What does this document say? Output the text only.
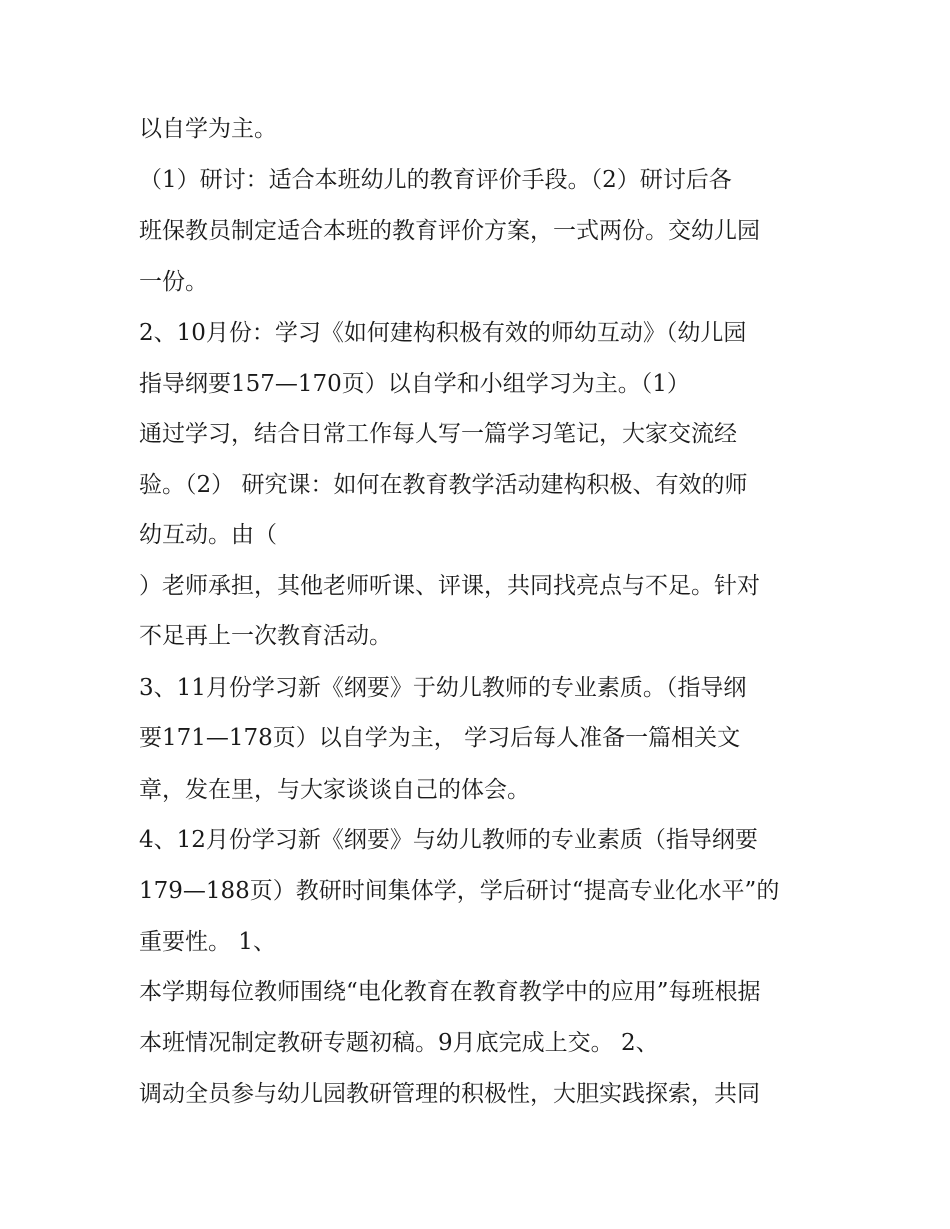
以自学为主。
（1）研讨：适合本班幼儿的教育评价手段。（2）研讨后各
班保教员制定适合本班的教育评价方案，一式两份。交幼儿园
一份。
2、10月份：学习《如何建构积极有效的师幼互动》（幼儿园
指导纲要157—170页）以自学和小组学习为主。（1）
通过学习，结合日常工作每人写一篇学习笔记，大家交流经
验。（2） 研究课：如何在教育教学活动建构积极、有效的师
幼互动。由（
）老师承担，其他老师听课、评课，共同找亮点与不足。针对
不足再上一次教育活动。
3、11月份学习新《纲要》于幼儿教师的专业素质。（指导纲
要171—178页）以自学为主， 学习后每人准备一篇相关文
章，发在里，与大家谈谈自己的体会。
4、12月份学习新《纲要》与幼儿教师的专业素质（指导纲要
179—188页）教研时间集体学，学后研讨“提高专业化水平”的
重要性。 1、
本学期每位教师围绕“电化教育在教育教学中的应用”每班根据
本班情况制定教研专题初稿。9月底完成上交。 2、
调动全员参与幼儿园教研管理的积极性，大胆实践探索，共同
